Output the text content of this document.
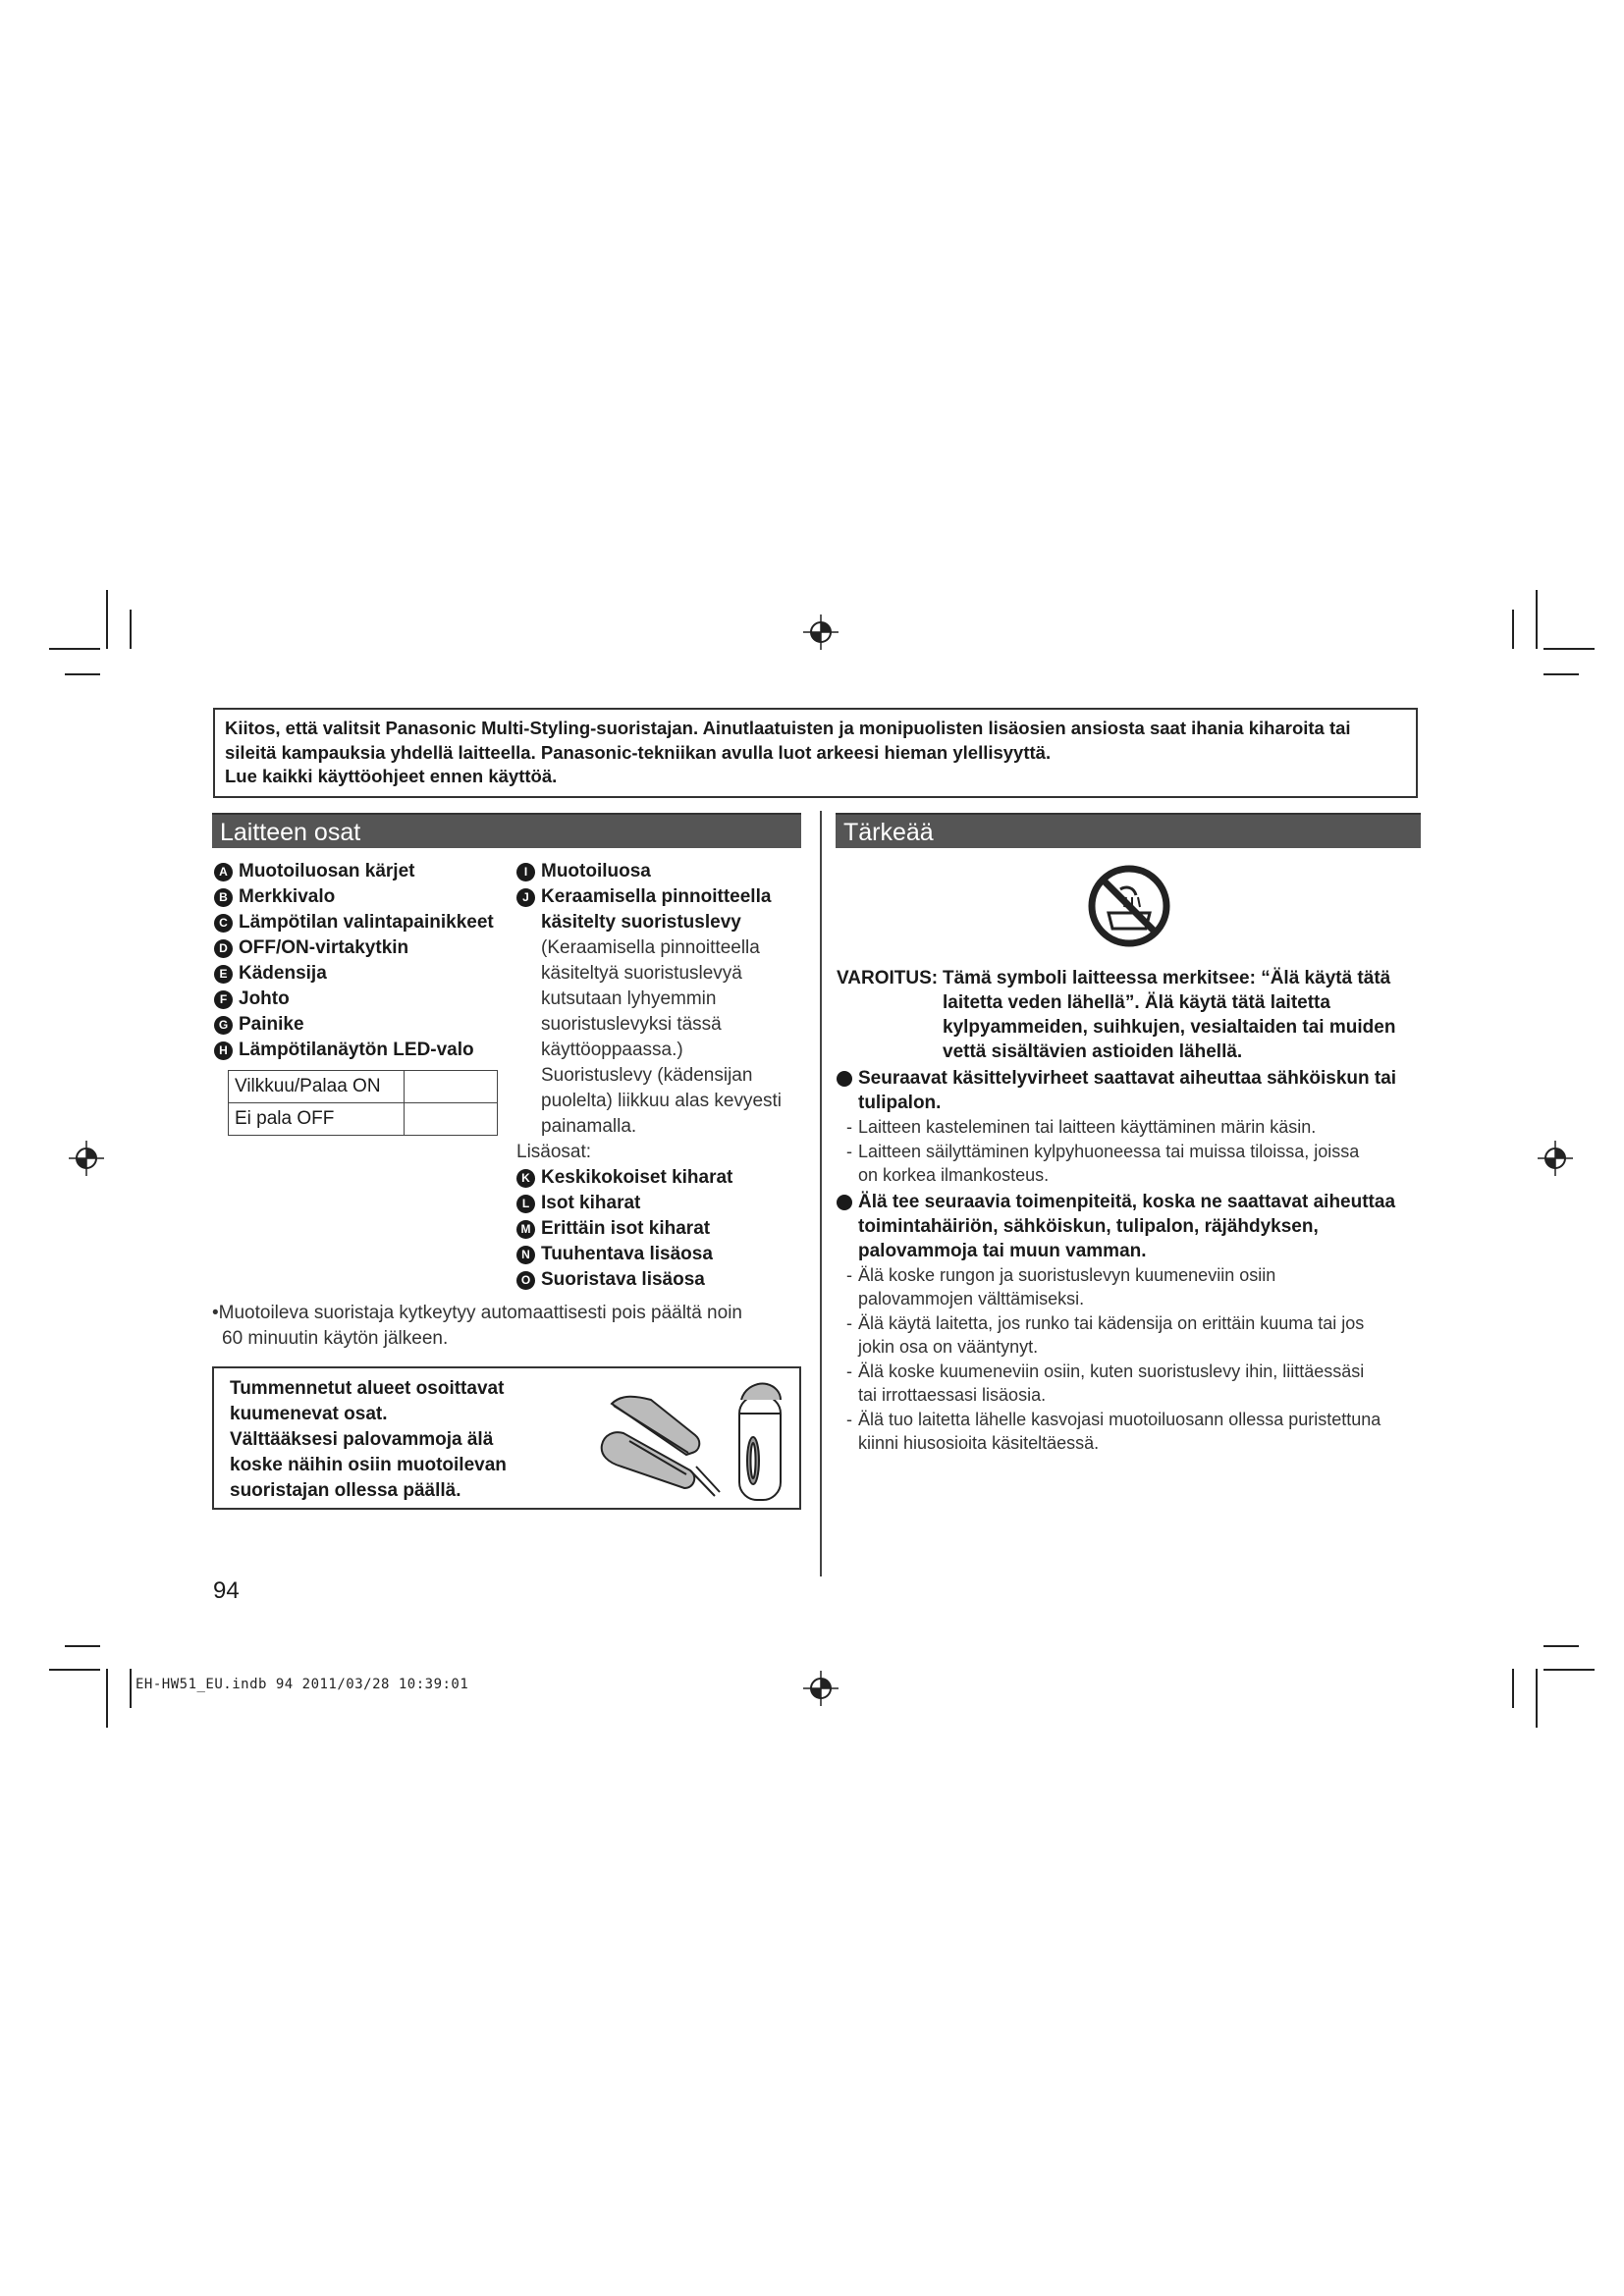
Kiitos, että valitsit Panasonic Multi-Styling-suoristajan. Ainutlaatuisten ja monipuolisten lisäosien ansiosta saat ihania kiharoita tai sileitä kampauksia yhdellä laitteella. Panasonic-tekniikan avulla luot arkeesi hieman ylellisyyttä.

Lue kaikki käyttöohjeet ennen käyttöä.

Laitteen osat
A Muotoiluosan kärjet
B Merkkivalo
C Lämpötilan valintapainikkeet
D OFF/ON-virtakytkin
E Kädensija
F Johto
G Painike
H Lämpötilanäytön LED-valo
Vilkkuu/Palaa ON	
Ei pala OFF	
I Muotoiluosa
J Keraamisella pinnoitteella
käsitelty suoristuslevy
(Keraamisella pinnoitteella
käsiteltyä suoristuslevyä
kutsutaan lyhyemmin
suoristuslevyksi tässä
käyttöoppaassa.)
Suoristuslevy (kädensijan
puolelta) liikkuu alas kevyesti
painamalla.
Lisäosat:
K Keskikokoiset kiharat
L Isot kiharat
M Erittäin isot kiharat
N Tuuhentava lisäosa
O Suoristava lisäosa
•Muotoileva suoristaja kytkeytyy automaattisesti pois päältä noin
60 minuutin käytön jälkeen.
Tummennetut alueet osoittavat
kuumenevat osat.
Välttääksesi palovammoja älä
koske näihin osiin muotoilevan
suoristajan ollessa päällä.
Tärkeää
VAROITUS: Tämä symboli laitteessa merkitsee: “Älä käytä tätä
laitetta veden lähellä”. Älä käytä tätä laitetta
kylpyammeiden, suihkujen, vesialtaiden tai muiden
vettä sisältävien astioiden lähellä.
Seuraavat käsittelyvirheet saattavat aiheuttaa sähköiskun tai
tulipalon.
- Laitteen kasteleminen tai laitteen käyttäminen märin käsin.
- Laitteen säilyttäminen kylpyhuoneessa tai muissa tiloissa, joissa
on korkea ilmankosteus.
Älä tee seuraavia toimenpiteitä, koska ne saattavat aiheuttaa
toimintahäiriön, sähköiskun, tulipalon, räjähdyksen,
palovammoja tai muun vamman.
- Älä koske rungon ja suoristuslevyn kuumeneviin osiin
palovammojen välttämiseksi.
- Älä käytä laitetta, jos runko tai kädensija on erittäin kuuma tai jos
jokin osa on vääntynyt.
- Älä koske kuumeneviin osiin, kuten suoristuslevy ihin, liittäessäsi
tai irrottaessasi lisäosia.
- Älä tuo laitetta lähelle kasvojasi muotoiluosann ollessa puristettuna
kiinni hiusosioita käsiteltäessä.
94
EH-HW51_EU.indb 94 2011/03/28 10:39:01
